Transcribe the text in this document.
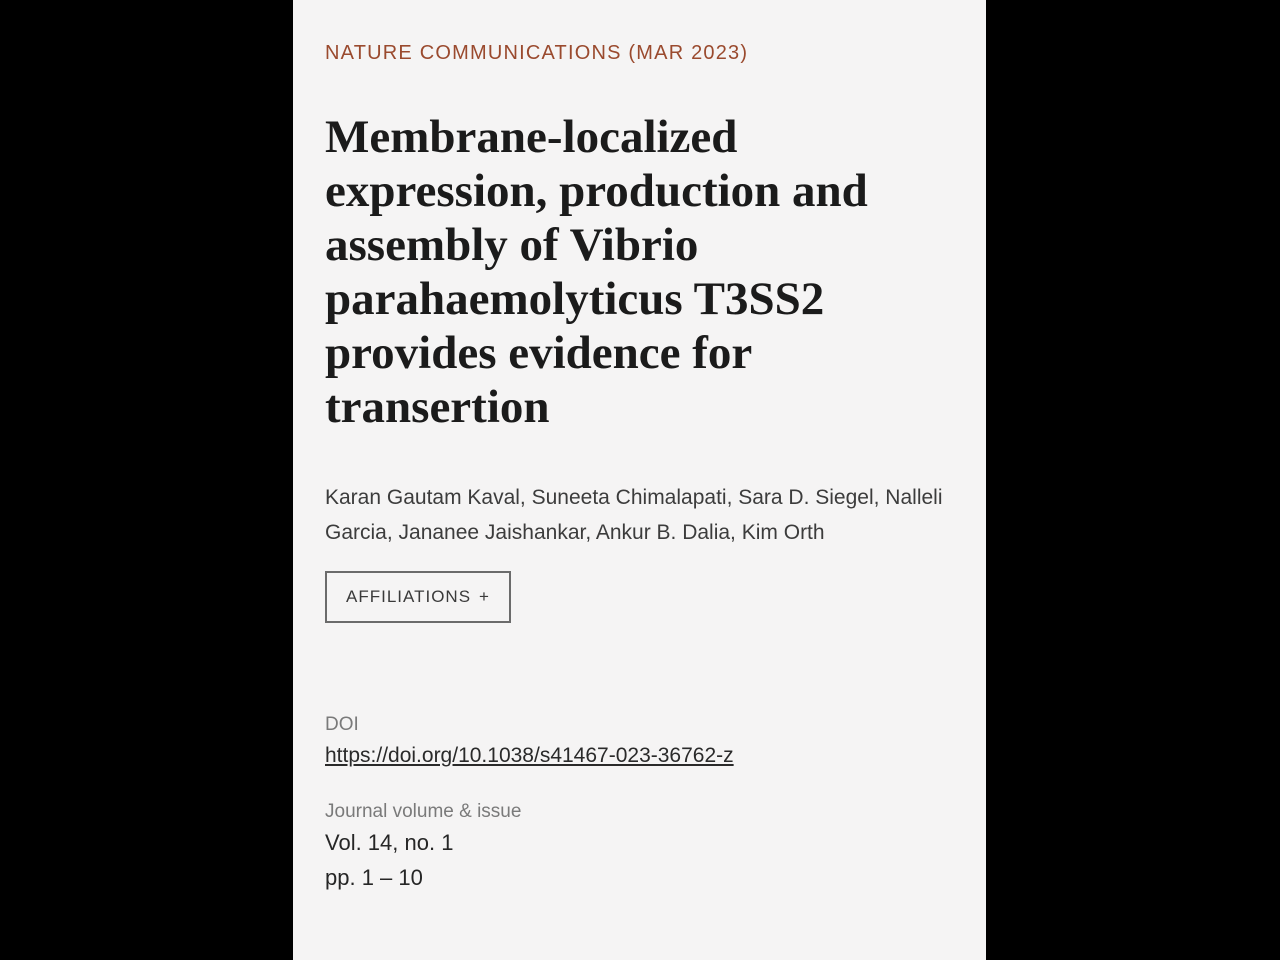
NATURE COMMUNICATIONS (MAR 2023)
Membrane-localized expression, production and assembly of Vibrio parahaemolyticus T3SS2 provides evidence for transertion
Karan Gautam Kaval, Suneeta Chimalapati, Sara D. Siegel, Nalleli Garcia, Jananee Jaishankar, Ankur B. Dalia, Kim Orth
AFFILIATIONS +
DOI
https://doi.org/10.1038/s41467-023-36762-z
Journal volume & issue
Vol. 14, no. 1
pp. 1 – 10
